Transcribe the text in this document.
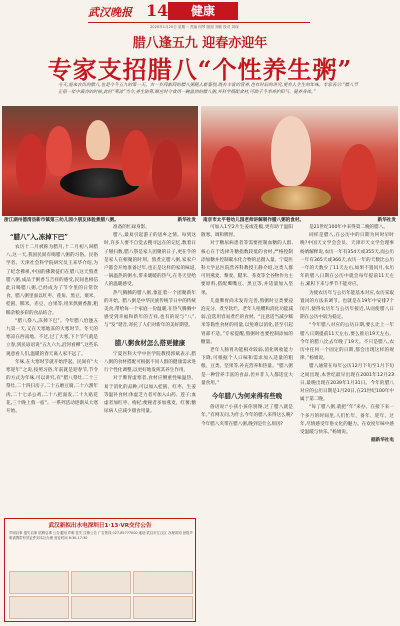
武汉晚报 14	健康
2020年1月20日 星期一 责编 何琴 版面 刘敏 校对 刘琛
腊八逢五九 迎春亦迎年
专家支招腊八“个性养生粥”
今天,迎来农历的腊八,也是今冬五九的第一天。古一岁间新间的腊八粥随人新鉴别,既有丰富的营养,也有时辰的讲究,更有人生生的年味。专家表示:“腊八节正值一年中最冷的时候,此时“寒凉”当令,养生防寒,顺应时令食用一碗温热的腊八粥,并科学搭配食材,可助于冬季养护阳气、健养身体。”
浙江湖州德清县新市镇第三幼儿园小朋友体验煮腊八粥。	新华社发 南京市太平巷幼儿园老师讲解制作腊八粥的食材。	新华社发
“腊八”入,冻掉下巴”

农历十二月被称为腊月,十二月初八叫腊八,这一天,我国民间有喝腊八粥的习俗。民俗学者、天津社会科学院研究员王来华介绍,为了纪念佛祖,中国的佛教徒们在腊八这天熬煮腊八粥,成品于粥香与吉祥的感受,民间也相信此日喝腊八粥,已经成为了节令里的日常饮食。腊八粥里面以红枣、莲角、黑豆、栗米、桂圆、糯米、赤豆、白果等,用米熬粥香甜,粗糯杂粮多彩的食品结合。

“腊八祭八,冻掉下巴”。今年腊八恰逢五九第一天,又在天寒地冻的大寒时节。冬天的寒凉在西南地。不过,过了大寒,下个节气就是立春,到民谚语说“五九六九,沿河看柳”,这些乐观意看人们,温暖的春天离人家不远了。

年味,在大寒时节就开始浮起。民间有“大寒迎年”之说,按照习俗,年前就是迎春节,节令的方式为年味,可以讲究,有“腊八祭灶,二十三祭灶,二十四扫房子,二十五磨豆腐,二十六割年肉,二十七杀公鸡,二十八把面发,二十九贴花花,三十晚上熬一宿”。一系列活动逐渐从大寒开始。

准备的忙碌身影。

腊八,最易引起游子的思乡之情。每到这时,许多人要不自觉去搜寻远在的记忆,数着日子掰扫数,腊八祭是家人团聚的日子,更在乎的是家人在相聚的时刻。熬煮完腊八粥,家家户户都会开始准备过年,也正是这样的家的味道,一锅温热的粥水,带来暖暖的热气,在冬天里给人的温暖感受。

热气腾腾的腊八粥,象征着一个团聚新年的开始。腊八粥是中华民族传统节日中的传统美食,带给每一个家庭一份温暖,在热气腾腾中感受到幸福和新年的吉祥,也有的说与“八”,与“发”谐音,寄托了人们对新年的美好期望。

腊八粥食材怎么搭更健康

宁夏医科大学中医学院教授郭斌表示,腊八粥的食材搭配可根据不同人群的健康需求进行个性化调整,以更好地发挥其养生作用。

对于脾胃虚寒者,食材应侧重性味温热、易于消化的品种,可以加入桂圆、红枣、生姜等温补食材;体虚乏力者可加入山药、莲子;血虚者加红枣、枸杞;便秘者多加燕麦、红薯;糖尿病人应减少甜食用量。

可加入1至2片生姜或花椒,更有助于温阳散寒、调和脾胃。

对于糖尿病患者等需要控制血糖的人群,核心在于选择升糖指数较低的食材,严格控制添加糖并控制碳水化合物的总摄入量。宁夏医科大学总医院营养科教授王静介绍,这类人群可用燕麦、藜麦、糙米、荞麦等全谷物作为主要原料,搭配鹰嘴豆、黑豆等,并适量加入坚果。

儿童脾胃尚未发育完善,熬粥时豆类要浸泡充分、煮至软烂。老年人咀嚼和消化功能减弱,宜选用容易煮烂的食材。“注意适当减少糯米等黏性食材的用量,以免难以消化,甚至引起胃部不适。”专家提醒,熬粥时也要控制添加的糖量。

老年人肠胃功能相对较弱,消化吸收能力下降,可根据个人口味和需求加入适量的粗粮、豆类、坚果等,补充营养和热量。“腊八粥是一种营养丰富的食品,但并非人人都适宜大量食用。”

今年腊八为何来得有些晚

俗语说:“小孩小孩你别馋,过了腊八就是年。”有网友问,为什么今年的腊八来得这么晚?今年腊八夹带在腊八粥,晚到是什么原因?

是21世纪100年中来得第二晚的腊八。

同样是腊八,在公历中的日期为何时早时晚?中国天文学会会员、天津市天文学会理事杨婧解释说,农历一年有354天或355天,而公历一年有365天或366天,农历一年的天数比公历一年的天数少了11天左右,如果不置闰月,农历年的腊八日期在公历中就会每年提前11天左右,累积下来与季节不能对应。

为使农历年与公历年能基本对应,农历采取置闰的方法来调节。也就是在19年中安排7个闰月,使得农历年与公历年接近,从而使腊八日期在公历中较为稳定。

“今年腊八对应的公历日期,要么比上一年腊八日期提前11天左右,要么推后19天左右。今年的腊八比去年晚了19天。不只是腊八,农历中任何一个固定的日期,都会出现这样的规律。”杨婧说。

腊八通常在每年公历12月下旬至1月下旬之间出现,本世纪最早出现在2001年12月23日,最晚出现在2039年1月31日。今年的腊八对应的公历日期是1月20日,在21世纪100年中属于第二晚。

“每了腊八粥,就把“年”来办。在接下来一个多月的时间里,人们忙年、备年、迎年、过年,尽情感受年俗文化的魅力。在欢度年味中感受温暖与快乐。”杨婧说。

据新华社电
武汉新拟出水电深圳日1·13·VR交付公告
声明启事 遗失启事 招聘启事 公告通知 声明 挂失 注销公告 广告热线 027-85777000 地址:武汉市江汉区 办理须知 登报声明请携带有效证件到本社办理 营业时间 8:30-17:30
